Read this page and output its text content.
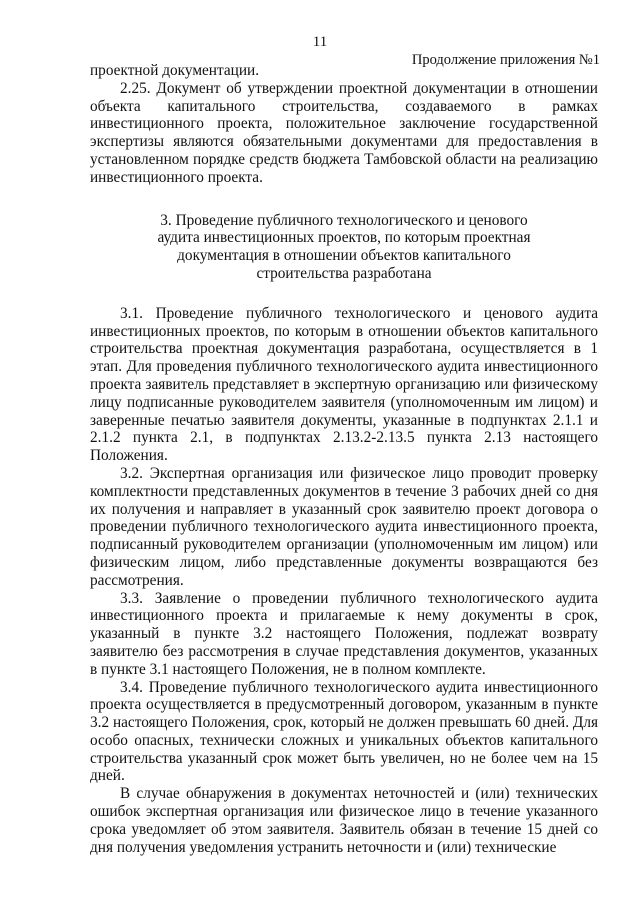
11
Продолжение приложения №1

проектной документации.

2.25. Документ об утверждении проектной документации в отношении объекта капитального строительства, создаваемого в рамках инвестиционного проекта, положительное заключение государственной экспертизы являются обязательными документами для предоставления в установленном порядке средств бюджета Тамбовской области на реализацию инвестиционного проекта.

3. Проведение публичного технологического и ценового
аудита инвестиционных проектов, по которым проектная
документация в отношении объектов капитального
строительства разработана

3.1. Проведение публичного технологического и ценового аудита инвестиционных проектов, по которым в отношении объектов капитального строительства проектная документация разработана, осуществляется в 1 этап. Для проведения публичного технологического аудита инвестиционного проекта заявитель представляет в экспертную организацию или физическому лицу подписанные руководителем заявителя (уполномоченным им лицом) и заверенные печатью заявителя документы, указанные в подпунктах 2.1.1 и 2.1.2 пункта 2.1, в подпунктах 2.13.2-2.13.5 пункта 2.13 настоящего Положения.

3.2. Экспертная организация или физическое лицо проводит проверку комплектности представленных документов в течение 3 рабочих дней со дня их получения и направляет в указанный срок заявителю проект договора о проведении публичного технологического аудита инвестиционного проекта, подписанный руководителем организации (уполномоченным им лицом) или физическим лицом, либо представленные документы возвращаются без рассмотрения.

3.3. Заявление о проведении публичного технологического аудита инвестиционного проекта и прилагаемые к нему документы в срок, указанный в пункте 3.2 настоящего Положения, подлежат возврату заявителю без рассмотрения в случае представления документов, указанных в пункте 3.1 настоящего Положения, не в полном комплекте.

3.4. Проведение публичного технологического аудита инвестиционного проекта осуществляется в предусмотренный договором, указанным в пункте 3.2 настоящего Положения, срок, который не должен превышать 60 дней. Для особо опасных, технически сложных и уникальных объектов капитального строительства указанный срок может быть увеличен, но не более чем на 15 дней.

В случае обнаружения в документах неточностей и (или) технических ошибок экспертная организация или физическое лицо в течение указанного срока уведомляет об этом заявителя. Заявитель обязан в течение 15 дней со дня получения уведомления устранить неточности и (или) технические
